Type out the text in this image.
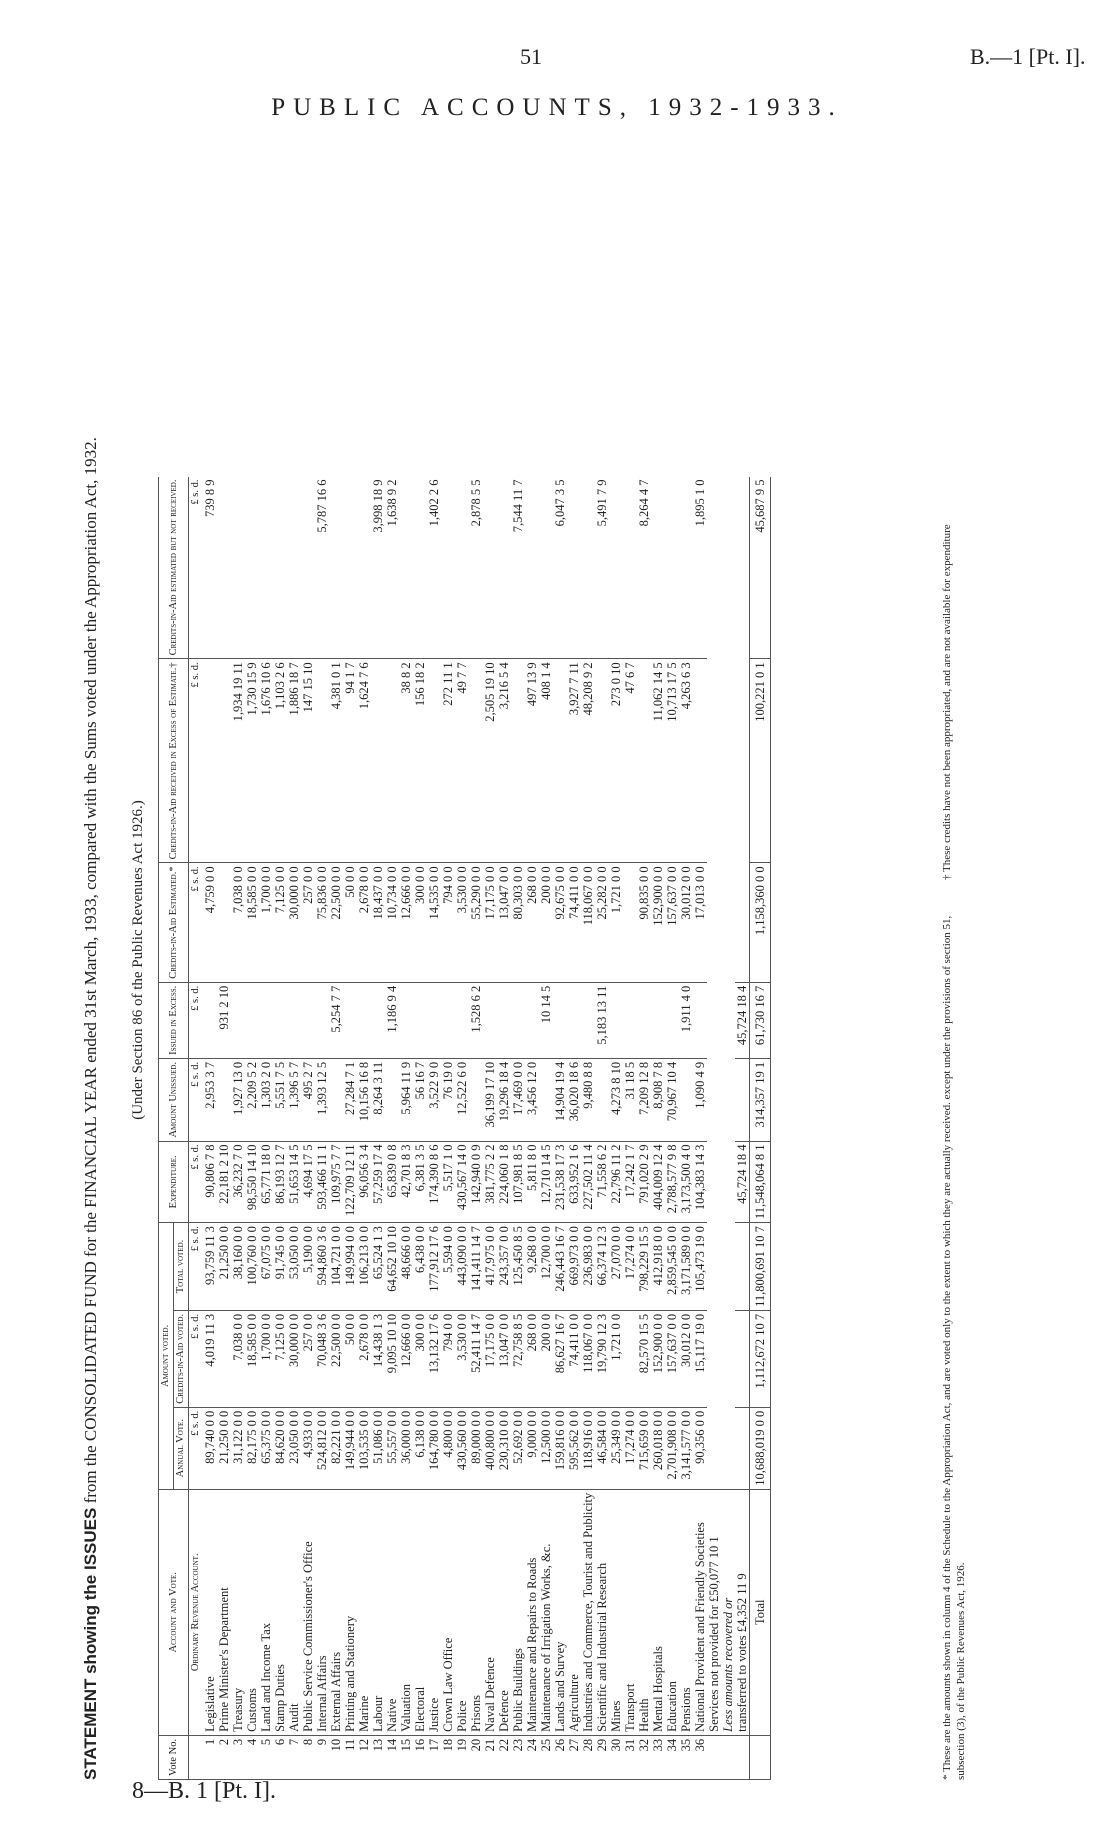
51	B.—1 [Pt. I].
PUBLIC ACCOUNTS, 1932-1933.
STATEMENT showing the ISSUES from the CONSOLIDATED FUND for the FINANCIAL YEAR ended 31st March, 1933, compared with the Sums voted under the Appropriation Act, 1932. (Under Section 86 of the Public Revenues Act 1926.)
Vote No.	Account and Vote.	Amount voted.			Expenditure.	Amount Unissued.	Issued in Excess.	Credits-in-Aid Estimated.*	Credits-in-Aid received in Excess of Estimate.†	Credits-in-Aid estimated but not received.
		Annual Vote.	Credits-in-Aid voted.	Total voted.						
	Ordinary Revenue Account.	£ s. d.	£ s. d.	£ s. d.	£ s. d.	£ s. d.	£ s. d.	£ s. d.	£ s. d.	£ s. d.
1	Legislative	89,740 0 0	4,019 11 3	93,759 11 3	90,806 7 8	2,953 3 7		4,759 0 0		739 8 9
2	Prime Minister's Department	21,250 0 0		21,250 0 0	22,181 2 10		931 2 10			
3	Treasury	31,122 0 0	7,038 0 0	38,160 0 0	36,232 7 0	1,927 13 0		7,038 0 0	1,934 19 11	
4	Customs	82,175 0 0	18,585 0 0	100,760 0 0	98,550 14 10	2,209 5 2		18,585 0 0	1,730 15 9	
5	Land and Income Tax	65,375 0 0	1,700 0 0	67,075 0 0	65,771 18 0	1,303 2 0		1,700 0 0	1,676 10 6	
6	Stamp Duties	84,620 0 0	7,125 0 0	91,745 0 0	86,193 12 7	5,551 7 5		7,125 0 0	1,103 2 6	
7	Audit	23,050 0 0	30,000 0 0	53,050 0 0	51,653 14 5	1,396 5 7		30,000 0 0	1,886 18 7	
8	Public Service Commissioner's Office	4,933 0 0	257 0 0	5,190 0 0	4,694 17 5	495 2 7		257 0 0	147 15 10	
9	Internal Affairs	524,812 0 0	70,048 3 6	594,860 3 6	593,466 11 1	1,393 12 5		75,836 0 0		5,787 16 6
10	External Affairs	82,221 0 0	22,500 0 0	104,721 0 0	109,975 7 7		5,254 7 7	22,500 0 0	4,381 0 1	
11	Printing and Stationery	149,944 0 0	50 0 0	149,994 0 0	122,709 12 11	27,284 7 1		50 0 0	94 1 7	
12	Marine	103,535 0 0	2,678 0 0	106,213 0 0	96,056 3 4	10,156 16 8		2,678 0 0	1,624 7 6	
13	Labour	51,086 0 0	14,438 1 3	65,524 1 3	57,259 17 4	8,264 3 11		18,437 0 0		3,998 18 9
14	Native	55,557 0 0	9,095 10 10	64,652 10 10	65,839 0 8		1,186 9 4	10,734 0 0		1,638 9 2
15	Valuation	36,000 0 0	12,666 0 0	48,666 0 0	42,701 8 3	5,964 11 9		12,666 0 0	38 8 2	
16	Electoral	6,138 0 0	300 0 0	6,438 0 0	6,381 3 5	56 16 7		300 0 0	156 18 2	
17	Justice	164,780 0 0	13,132 17 6	177,912 17 6	174,390 8 6	3,522 9 0		14,535 0 0		1,402 2 6
18	Crown Law Office	4,800 0 0	794 0 0	5,594 0 0	5,517 1 0	76 19 0		794 0 0	272 11 1	
19	Police	430,560 0 0	3,530 0 0	443,090 0 0	430,567 14 0	12,522 6 0		3,530 0 0	49 7 7	
20	Prisons	89,000 0 0	52,411 14 7	141,411 14 7	142,940 0 9		1,528 6 2	55,290 0 0		2,878 5 5
21	Naval Defence	400,800 0 0	17,175 0 0	417,975 0 0	381,775 2 2	36,199 17 10		17,175 0 0	2,505 19 10	
22	Defence	230,310 0 0	13,047 0 0	243,357 0 0	224,060 1 8	19,296 18 4		13,047 0 0	3,216 5 4	
23	Public Buildings	52,692 0 0	72,758 8 5	125,450 8 5	107,981 8 5	17,469 0 0		80,303 0 0		7,544 11 7
24	Maintenance and Repairs to Roads	9,000 0 0	268 0 0	9,268 0 0	5,811 8 0	3,456 12 0		268 0 0	497 13 9	
25	Maintenance of Irrigation Works, &c.	12,500 0 0	200 0 0	12,700 0 0	12,710 14 5		10 14 5	200 0 0	408 1 4	
26	Lands and Survey	159,816 0 0	86,627 16 7	246,443 16 7	231,538 17 3	14,904 19 4		92,675 0 0		6,047 3 5
27	Agriculture	595,562 0 0	74,411 0 0	669,973 0 0	633,952 1 6	36,020 18 6		74,411 0 0	3,927 7 11	
28	Industries and Commerce, Tourist and Publicity	118,916 0 0	118,067 0 0	236,983 0 0	227,502 11 4	9,480 8 8		118,067 0 0	48,208 9 2	
29	Scientific and Industrial Research	46,584 0 0	19,790 12 3	66,374 12 3	71,558 6 2		5,183 13 11	25,282 0 0		5,491 7 9
30	Mines	25,349 0 0	1,721 0 0	27,070 0 0	22,796 11 2	4,273 8 10		1,721 0 0	273 0 10	
31	Transport	17,274 0 0		17,274 0 0	17,242 1 7	31 18 5			47 6 7	
32	Health	715,659 0 0	82,570 15 5	798,229 15 5	791,020 2 9	7,209 12 8		90,835 0 0		8,264 4 7
33	Mental Hospitals	260,018 0 0	152,900 0 0	412,918 0 0	404,009 12 4	8,908 7 8		152,900 0 0	11,062 14 5	
34	Education	2,701,908 0 0	157,637 0 0	2,859,545 0 0	2,788,577 9 8	70,967 10 4		157,637 0 0	10,713 17 5	
35	Pensions	3,141,577 0 0	30,012 0 0	3,171,589 0 0	3,173,500 4 0		1,911 4 0	30,012 0 0	4,263 6 3	
36	National Provident and Friendly Societies	90,356 0 0	15,117 19 0	105,473 19 0	104,383 14 3	1,090 4 9		17,013 0 0		1,895 1 0
	Services not provided for £50,077 10 1									
	Less amounts recovered or									
	transferred to votes £4,352 11 9				45,724 18 4		45,724 18 4			
	Total	10,688,019 0 0	1,112,672 10 7	11,800,691 10 7	11,548,064 8 1	314,357 19 1	61,730 16 7	1,158,360 0 0	100,221 0 1	45,687 9 5
* These are the amounts shown in column 4 of the Schedule to the Appropriation Act, and are voted only to the extent to which they are actually received. except under the provisions of section 51, subsection (3), of the Public Revenues Act, 1926.
† These credits have not been appropriated, and are not available for expenditure
8—B. 1 [Pt. I].
